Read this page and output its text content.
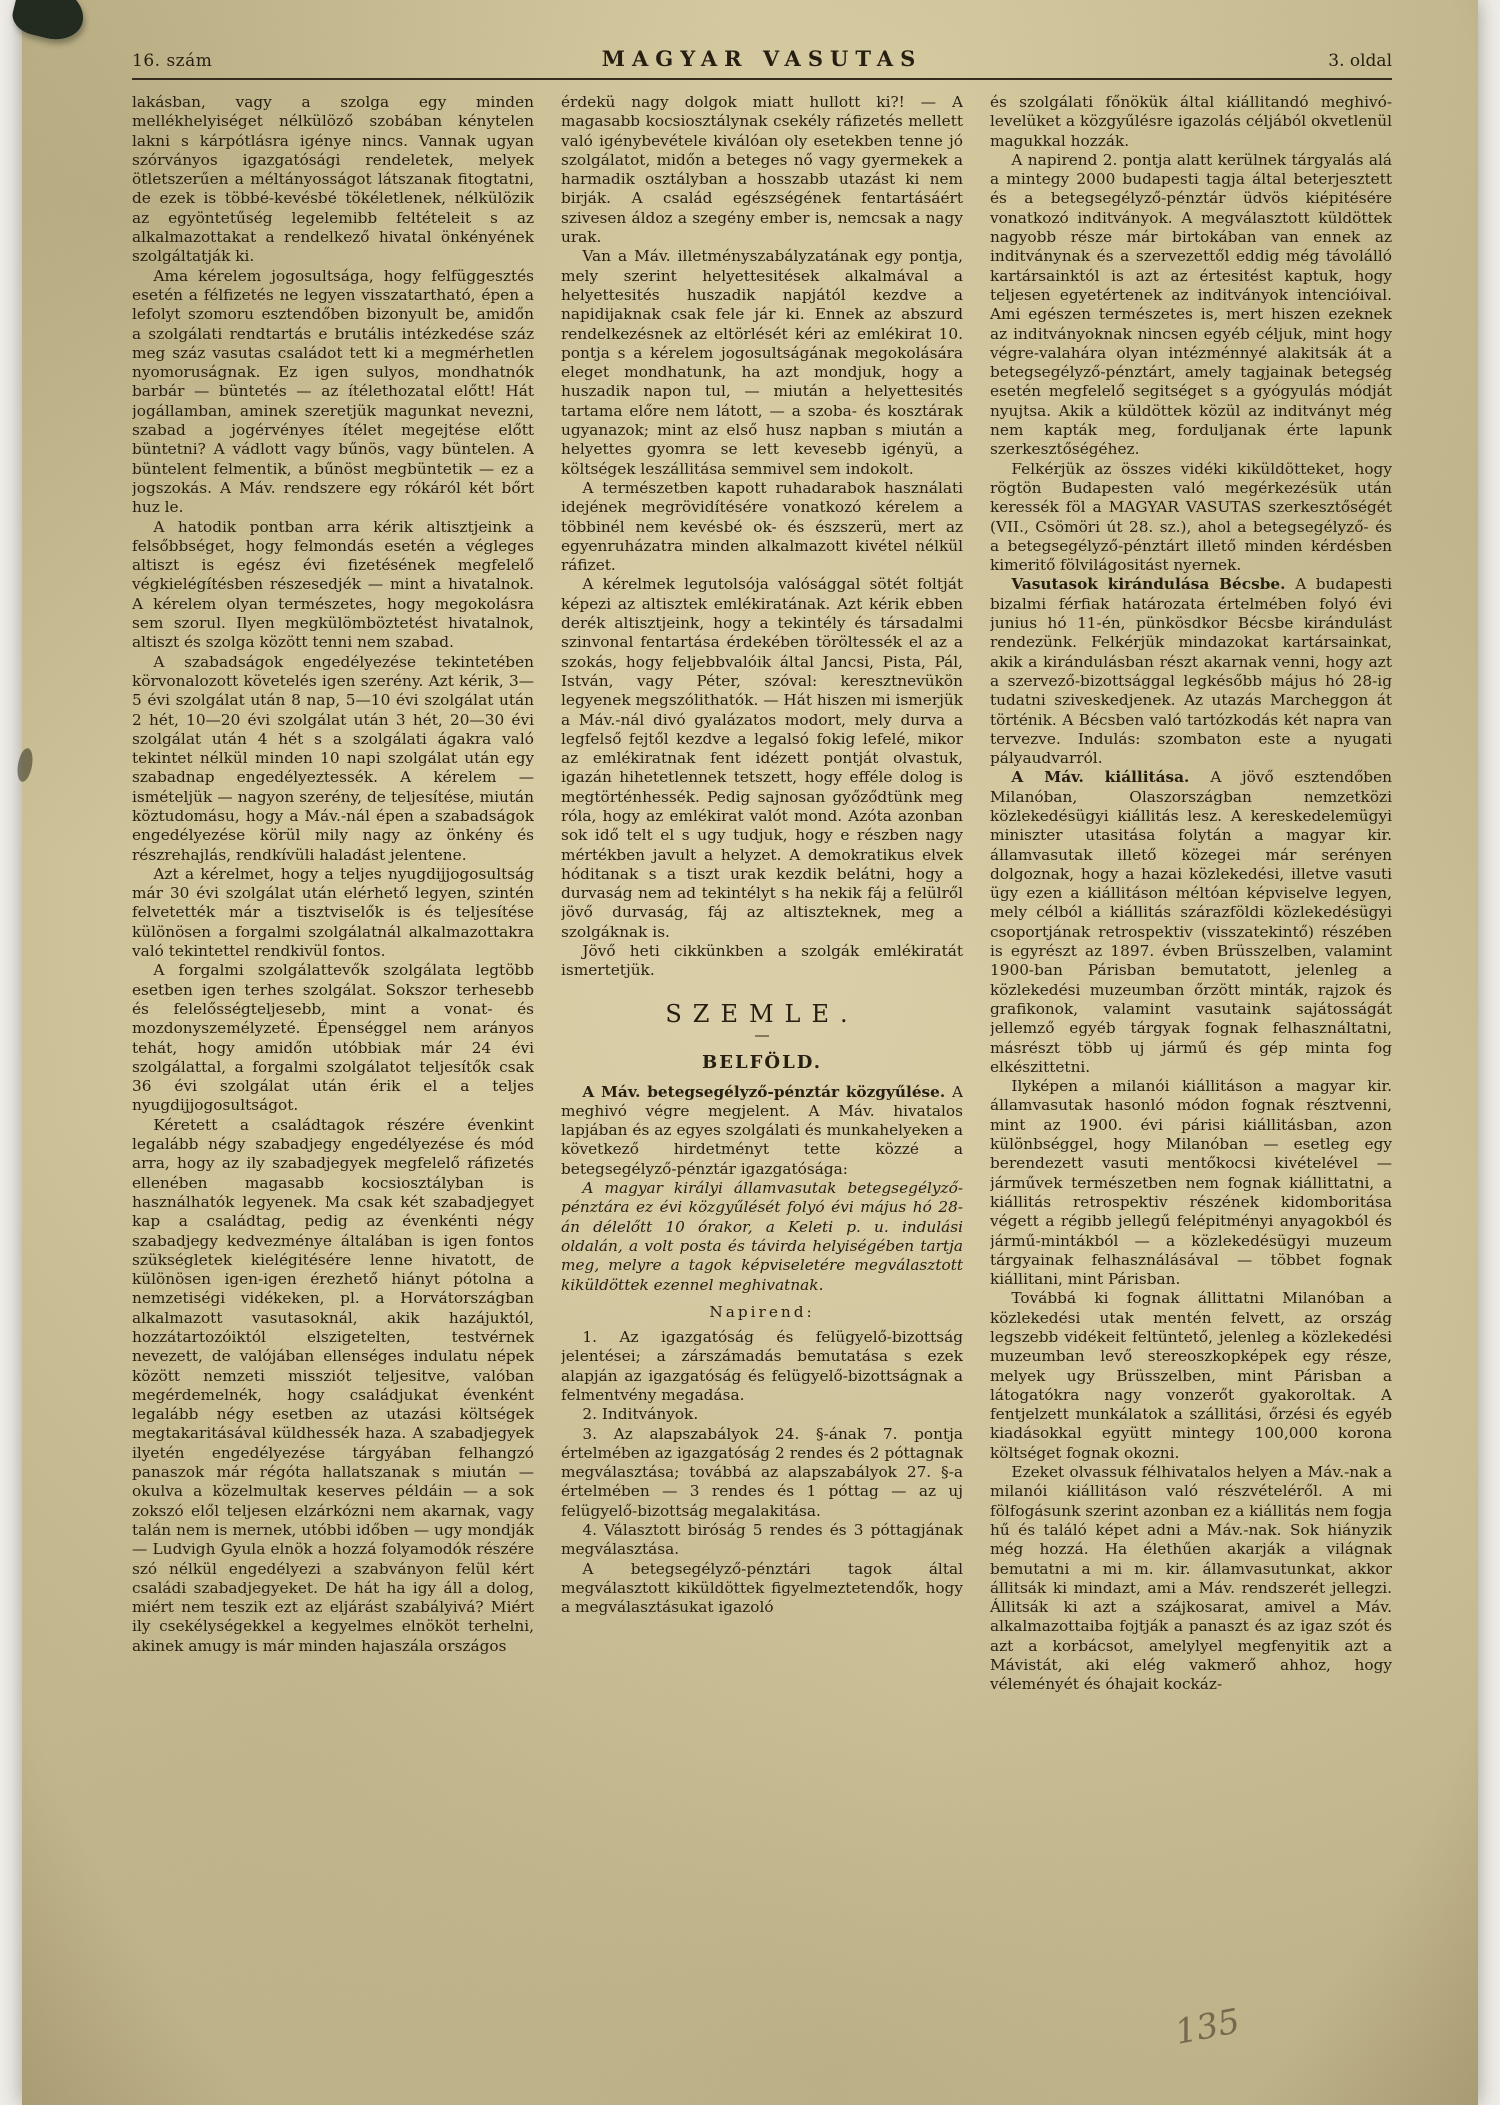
16. szám	MAGYAR VASUTAS	3. oldal
lakásban, vagy a szolga egy minden mellékhelyiséget nélkülöző szobában kénytelen lakni s kárpótlásra igénye nincs. Vannak ugyan szórványos igazgatósági rendeletek, melyek ötletszerűen a méltányosságot látszanak fitogtatni, de ezek is többé-kevésbé tökéletlenek, nélkülözik az egyöntetűség legelemibb feltételeit s az alkalmazottakat a rendelkező hivatal önkényének szolgáltatják ki.
Ama kérelem jogosultsága, hogy felfüggesztés esetén a félfizetés ne legyen visszatartható, épen a lefolyt szomoru esztendőben bizonyult be, amidőn a szolgálati rendtartás e brutális intézkedése száz meg száz vasutas családot tett ki a megmérhetlen nyomoruságnak. Ez igen sulyos, mondhatnók barbár — büntetés — az ítélethozatal előtt! Hát jogállamban, aminek szeretjük magunkat nevezni, szabad a jogérvényes ítélet megejtése előtt büntetni? A vádlott vagy bűnös, vagy büntelen. A büntelent felmentik, a bűnöst megbüntetik — ez a jogszokás. A Máv. rendszere egy rókáról két bőrt huz le.
A hatodik pontban arra kérik altisztjeink a felsőbbséget, hogy felmondás esetén a végleges altiszt is egész évi fizetésének megfelelő végkielégítésben részesedjék — mint a hivatalnok. A kérelem olyan természetes, hogy megokolásra sem szorul. Ilyen megkülömböztetést hivatalnok, altiszt és szolga között tenni nem szabad.
A szabadságok engedélyezése tekintetében körvonalozott követelés igen szerény. Azt kérik, 3—5 évi szolgálat után 8 nap, 5—10 évi szolgálat után 2 hét, 10—20 évi szolgálat után 3 hét, 20—30 évi szolgálat után 4 hét s a szolgálati ágakra való tekintet nélkül minden 10 napi szolgálat után egy szabadnap engedélyeztessék. A kérelem — ismételjük — nagyon szerény, de teljesítése, miután köztudomásu, hogy a Máv.-nál épen a szabadságok engedélyezése körül mily nagy az önkény és részrehajlás, rendkívüli haladást jelentene.
Azt a kérelmet, hogy a teljes nyugdijjogosultság már 30 évi szolgálat után elérhető legyen, szintén felvetették már a tisztviselők is és teljesítése különösen a forgalmi szolgálatnál alkalmazottakra való tekintettel rendkivül fontos.
A forgalmi szolgálattevők szolgálata legtöbb esetben igen terhes szolgálat. Sokszor terhesebb és felelősségteljesebb, mint a vonat- és mozdonyszemélyzeté. Épenséggel nem arányos tehát, hogy amidőn utóbbiak már 24 évi szolgálattal, a forgalmi szolgálatot teljesítők csak 36 évi szolgálat után érik el a teljes nyugdijjogosultságot.
Kéretett a családtagok részére évenkint legalább négy szabadjegy engedélyezése és mód arra, hogy az ily szabadjegyek megfelelő ráfizetés ellenében magasabb kocsiosztályban is használhatók legyenek. Ma csak két szabadjegyet kap a családtag, pedig az évenkénti négy szabadjegy kedvezménye általában is igen fontos szükségletek kielégitésére lenne hivatott, de különösen igen-igen érezhető hiányt pótolna a nemzetiségi vidékeken, pl. a Horvátországban alkalmazott vasutasoknál, akik hazájuktól, hozzátartozóiktól elszigetelten, testvérnek nevezett, de valójában ellenséges indulatu népek között nemzeti missziót teljesitve, valóban megérdemelnék, hogy családjukat évenként legalább négy esetben az utazási költségek megtakaritásával küldhessék haza. A szabadjegyek ilyetén engedélyezése tárgyában felhangzó panaszok már régóta hallatszanak s miután — okulva a közelmultak keserves példáin — a sok zokszó elől teljesen elzárkózni nem akarnak, vagy talán nem is mernek, utóbbi időben — ugy mondják — Ludvigh Gyula elnök a hozzá folyamodók részére szó nélkül engedélyezi a szabványon felül kért családi szabadjegyeket. De hát ha igy áll a dolog, miért nem teszik ezt az eljárást szabályivá? Miért ily csekélységekkel a kegyelmes elnököt terhelni, akinek amugy is már minden hajaszála országos
érdekü nagy dolgok miatt hullott ki?! — A magasabb kocsiosztálynak csekély ráfizetés mellett való igénybevétele kiválóan oly esetekben tenne jó szolgálatot, midőn a beteges nő vagy gyermekek a harmadik osztályban a hosszabb utazást ki nem birják. A család egészségének fentartásáért szivesen áldoz a szegény ember is, nemcsak a nagy urak.
Van a Máv. illetményszabályzatának egy pontja, mely szerint helyettesitések alkalmával a helyettesités huszadik napjától kezdve a napidijaknak csak fele jár ki. Ennek az abszurd rendelkezésnek az eltörlését kéri az emlékirat 10. pontja s a kérelem jogosultságának megokolására eleget mondhatunk, ha azt mondjuk, hogy a huszadik napon tul, — miután a helyettesités tartama előre nem látott, — a szoba- és kosztárak ugyanazok; mint az első husz napban s miután a helyettes gyomra se lett kevesebb igényü, a költségek leszállitása semmivel sem indokolt.
A természetben kapott ruhadarabok használati idejének megrövidítésére vonatkozó kérelem a többinél nem kevésbé ok- és észszerü, mert az egyenruházatra minden alkalmazott kivétel nélkül ráfizet.
A kérelmek legutolsója valósággal sötét foltját képezi az altisztek emlékiratának. Azt kérik ebben derék altisztjeink, hogy a tekintély és társadalmi szinvonal fentartása érdekében töröltessék el az a szokás, hogy feljebbvalóik által Jancsi, Pista, Pál, István, vagy Péter, szóval: keresztnevükön legyenek megszólithatók. — Hát hiszen mi ismerjük a Máv.-nál divó gyalázatos modort, mely durva a legfelső fejtől kezdve a legalsó fokig lefelé, mikor az emlékiratnak fent idézett pontját olvastuk, igazán hihetetlennek tetszett, hogy efféle dolog is megtörténhessék. Pedig sajnosan győződtünk meg róla, hogy az emlékirat valót mond. Azóta azonban sok idő telt el s ugy tudjuk, hogy e részben nagy mértékben javult a helyzet. A demokratikus elvek hóditanak s a tiszt urak kezdik belátni, hogy a durvaság nem ad tekintélyt s ha nekik fáj a felülről jövő durvaság, fáj az altiszteknek, meg a szolgáknak is.
Jövő heti cikkünkben a szolgák emlékiratát ismertetjük.
SZEMLE.
—
BELFÖLD.
A Máv. betegsegélyző-pénztár közgyűlése. A meghivó végre megjelent. A Máv. hivatalos lapjában és az egyes szolgálati és munkahelyeken a következő hirdetményt tette közzé a betegsegélyző-pénztár igazgatósága:
A magyar királyi államvasutak betegsegélyző-pénztára ez évi közgyűlését folyó évi május hó 28-án délelőtt 10 órakor, a Keleti p. u. indulási oldalán, a volt posta és távirda helyiségében tartja meg, melyre a tagok képviseletére megválasztott kiküldöttek ezennel meghivatnak.
Napirend:
1. Az igazgatóság és felügyelő-bizottság jelentései; a zárszámadás bemutatása s ezek alapján az igazgatóság és felügyelő-bizottságnak a felmentvény megadása.
2. Inditványok.
3. Az alapszabályok 24. §-ának 7. pontja értelmében az igazgatóság 2 rendes és 2 póttagnak megválasztása; továbbá az alapszabályok 27. §-a értelmében — 3 rendes és 1 póttag — az uj felügyelő-bizottság megalakitása.
4. Választott biróság 5 rendes és 3 póttagjának megválasztása.
A betegsegélyző-pénztári tagok által megválasztott kiküldöttek figyelmeztetendők, hogy a megválasztásukat igazoló
és szolgálati főnökük által kiállitandó meghivó-levelüket a közgyűlésre igazolás céljából okvetlenül magukkal hozzák.
A napirend 2. pontja alatt kerülnek tárgyalás alá a mintegy 2000 budapesti tagja által beterjesztett és a betegsegélyző-pénztár üdvös kiépitésére vonatkozó inditványok. A megválasztott küldöttek nagyobb része már birtokában van ennek az inditványnak és a szervezettől eddig még távolálló kartársainktól is azt az értesitést kaptuk, hogy teljesen egyetértenek az inditványok intencióival. Ami egészen természetes is, mert hiszen ezeknek az inditványoknak nincsen egyéb céljuk, mint hogy végre-valahára olyan intézménnyé alakitsák át a betegsegélyző-pénztárt, amely tagjainak betegség esetén megfelelő segitséget s a gyógyulás módját nyujtsa. Akik a küldöttek közül az inditványt még nem kapták meg, forduljanak érte lapunk szerkesztőségéhez.
Felkérjük az összes vidéki kiküldötteket, hogy rögtön Budapesten való megérkezésük után keressék föl a MAGYAR VASUTAS szerkesztőségét (VII., Csömöri út 28. sz.), ahol a betegsegélyző- és a betegsegélyző-pénztárt illető minden kérdésben kimeritő fölvilágositást nyernek.
Vasutasok kirándulása Bécsbe. A budapesti bizalmi férfiak határozata értelmében folyó évi junius hó 11-én, pünkösdkor Bécsbe kirándulást rendezünk. Felkérjük mindazokat kartársainkat, akik a kirándulásban részt akarnak venni, hogy azt a szervező-bizottsággal legkésőbb május hó 28-ig tudatni sziveskedjenek. Az utazás Marcheggon át történik. A Bécsben való tartózkodás két napra van tervezve. Indulás: szombaton este a nyugati pályaudvarról.
A Máv. kiállitása. A jövő esztendőben Milanóban, Olaszországban nemzetközi közlekedésügyi kiállitás lesz. A kereskedelemügyi miniszter utasitása folytán a magyar kir. államvasutak illető közegei már serényen dolgoznak, hogy a hazai közlekedési, illetve vasuti ügy ezen a kiállitáson méltóan képviselve legyen, mely célból a kiállitás szárazföldi közlekedésügyi csoportjának retrospektiv (visszatekintő) részében is egyrészt az 1897. évben Brüsszelben, valamint 1900-ban Párisban bemutatott, jelenleg a közlekedési muzeumban őrzött minták, rajzok és grafikonok, valamint vasutaink sajátosságát jellemző egyéb tárgyak fognak felhasználtatni, másrészt több uj jármű és gép minta fog elkészittetni.
Ilyképen a milanói kiállitáson a magyar kir. államvasutak hasonló módon fognak résztvenni, mint az 1900. évi párisi kiállitásban, azon különbséggel, hogy Milanóban — esetleg egy berendezett vasuti mentőkocsi kivételével — járművek természetben nem fognak kiállittatni, a kiállitás retrospektiv részének kidomboritása végett a régibb jellegű felépitményi anyagokból és jármű-mintákból — a közlekedésügyi muzeum tárgyainak felhasználásával — többet fognak kiállitani, mint Párisban.
Továbbá ki fognak állittatni Milanóban a közlekedési utak mentén felvett, az ország legszebb vidékeit feltüntető, jelenleg a közlekedési muzeumban levő stereoszkopképek egy része, melyek ugy Brüsszelben, mint Párisban a látogatókra nagy vonzerőt gyakoroltak. A fentjelzett munkálatok a szállitási, őrzési és egyéb kiadásokkal együtt mintegy 100,000 korona költséget fognak okozni.
Ezeket olvassuk félhivatalos helyen a Máv.-nak a milanói kiállitáson való részvételéről. A mi fölfogásunk szerint azonban ez a kiállitás nem fogja hű és találó képet adni a Máv.-nak. Sok hiányzik még hozzá. Ha élethűen akarják a világnak bemutatni a mi m. kir. államvasutunkat, akkor állitsák ki mindazt, ami a Máv. rendszerét jellegzi. Állitsák ki azt a szájkosarat, amivel a Máv. alkalmazottaiba fojtják a panaszt és az igaz szót és azt a korbácsot, amelylyel megfenyitik azt a Mávistát, aki elég vakmerő ahhoz, hogy véleményét és óhajait kockáz-
135
